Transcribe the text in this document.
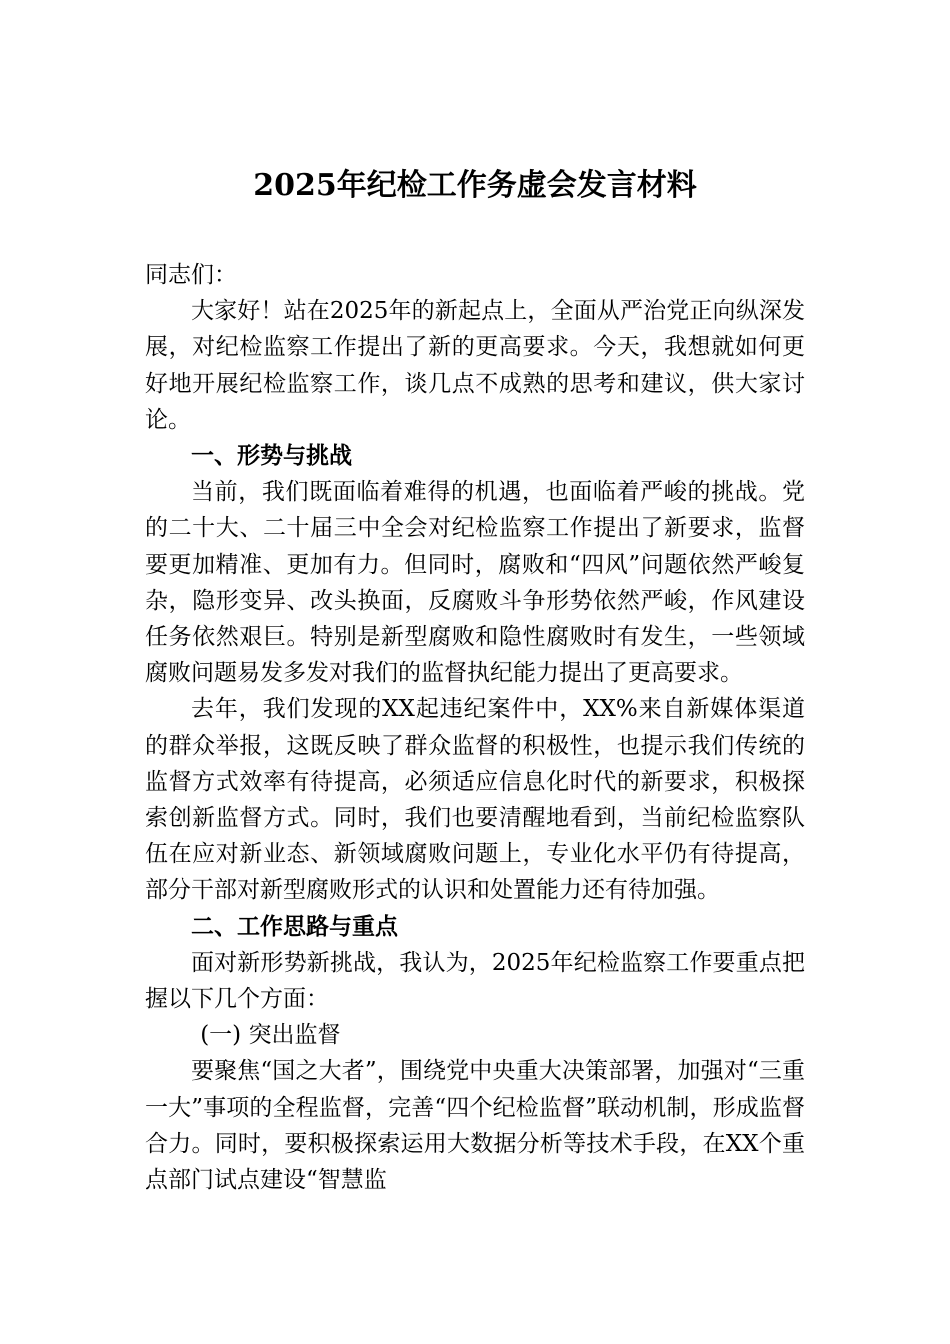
2025年纪检工作务虚会发言材料

同志们：

大家好！站在2025年的新起点上，全面从严治党正向纵深发展，对纪检监察工作提出了新的更高要求。今天，我想就如何更好地开展纪检监察工作，谈几点不成熟的思考和建议，供大家讨论。

一、形势与挑战

当前，我们既面临着难得的机遇，也面临着严峻的挑战。党的二十大、二十届三中全会对纪检监察工作提出了新要求，监督要更加精准、更加有力。但同时，腐败和“四风”问题依然严峻复杂，隐形变异、改头换面，反腐败斗争形势依然严峻，作风建设任务依然艰巨。特别是新型腐败和隐性腐败时有发生，一些领域腐败问题易发多发对我们的监督执纪能力提出了更高要求。

去年，我们发现的XX起违纪案件中，XX%来自新媒体渠道的群众举报，这既反映了群众监督的积极性，也提示我们传统的监督方式效率有待提高，必须适应信息化时代的新要求，积极探索创新监督方式。同时，我们也要清醒地看到，当前纪检监察队伍在应对新业态、新领域腐败问题上，专业化水平仍有待提高，部分干部对新型腐败形式的认识和处置能力还有待加强。

二、工作思路与重点

面对新形势新挑战，我认为，2025年纪检监察工作要重点把握以下几个方面：

(一) 突出监督

要聚焦“国之大者”，围绕党中央重大决策部署，加强对“三重一大”事项的全程监督，完善“四个纪检监督”联动机制，形成监督合力。同时，要积极探索运用大数据分析等技术手段，在XX个重点部门试点建设“智慧监
